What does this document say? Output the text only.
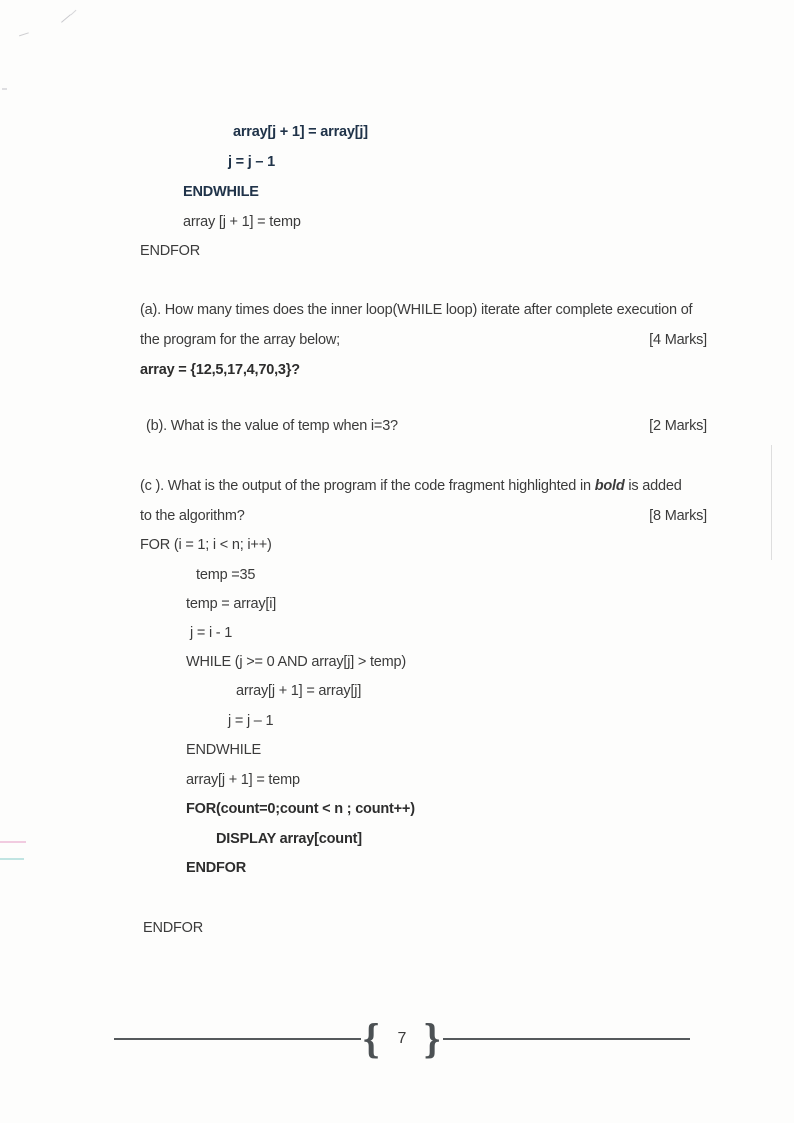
array[j + 1] = array[j]
j = j – 1
ENDWHILE
array [j + 1] = temp
ENDFOR
(a). How many times does the inner loop(WHILE loop) iterate after complete execution of
the program for the array below;	[4 Marks]
array = {12,5,17,4,70,3}?
(b). What is the value of temp when i=3?	[2 Marks]
(c ). What is the output of the program if the code fragment highlighted in bold is added
to the algorithm?	[8 Marks]
FOR (i = 1; i < n; i++)
temp =35
temp = array[i]
j = i - 1
WHILE (j >= 0 AND array[j] > temp)
array[j + 1] = array[j]
j = j – 1
ENDWHILE
array[j + 1] = temp
FOR(count=0;count < n ; count++)
DISPLAY array[count]
ENDFOR
ENDFOR
{	7 }
